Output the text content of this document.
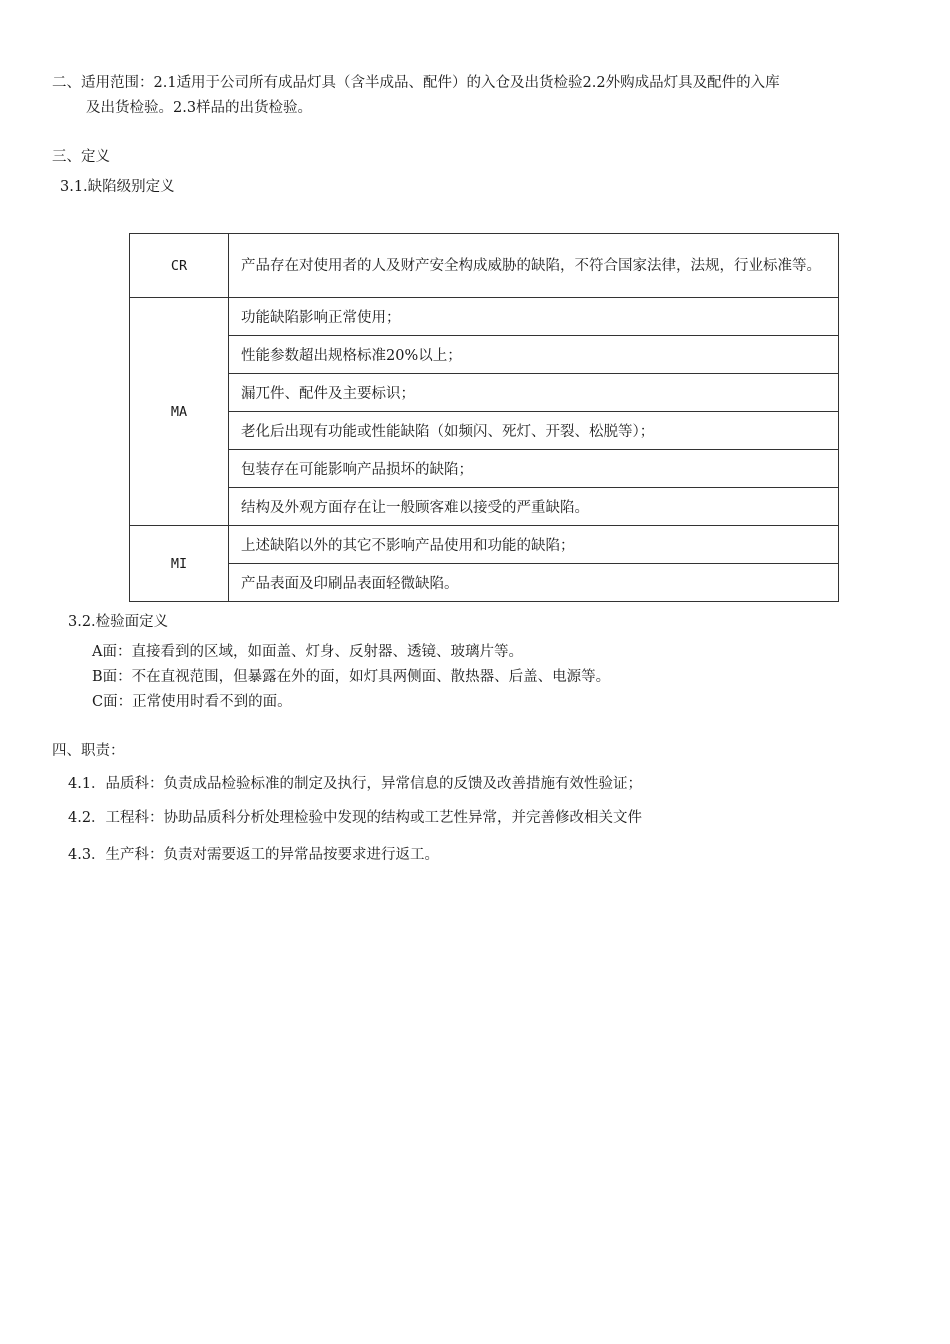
二、适用范围：2.1适用于公司所有成品灯具（含半成品、配件）的入仓及出货检验2.2外购成品灯具及配件的入库
及出货检验。2.3样品的出货检验。
三、定义
3.1.缺陷级别定义
CR	产品存在对使用者的人及财产安全构成威胁的缺陷，不符合国家法律，法规，行业标准等。
MA	功能缺陷影响正常使用；
	性能参数超出规格标准20%以上；
	漏兀件、配件及主要标识；
	老化后出现有功能或性能缺陷（如频闪、死灯、开裂、松脱等）；
	包装存在可能影响产品损坏的缺陷；
	结构及外观方面存在让一般顾客难以接受的严重缺陷。
MI	上述缺陷以外的其它不影响产品使用和功能的缺陷；
	产品表面及印刷品表面轻微缺陷。
3.2.检验面定义
A面：直接看到的区域，如面盖、灯身、反射器、透镜、玻璃片等。
B面：不在直视范围，但暴露在外的面，如灯具两侧面、散热器、后盖、电源等。
C面：正常使用时看不到的面。
四、职责：
4.1．品质科：负责成品检验标准的制定及执行，异常信息的反馈及改善措施有效性验证；
4.2．工程科：协助品质科分析处理检验中发现的结构或工艺性异常，并完善修改相关文件
4.3．生产科：负责对需要返工的异常品按要求进行返工。
